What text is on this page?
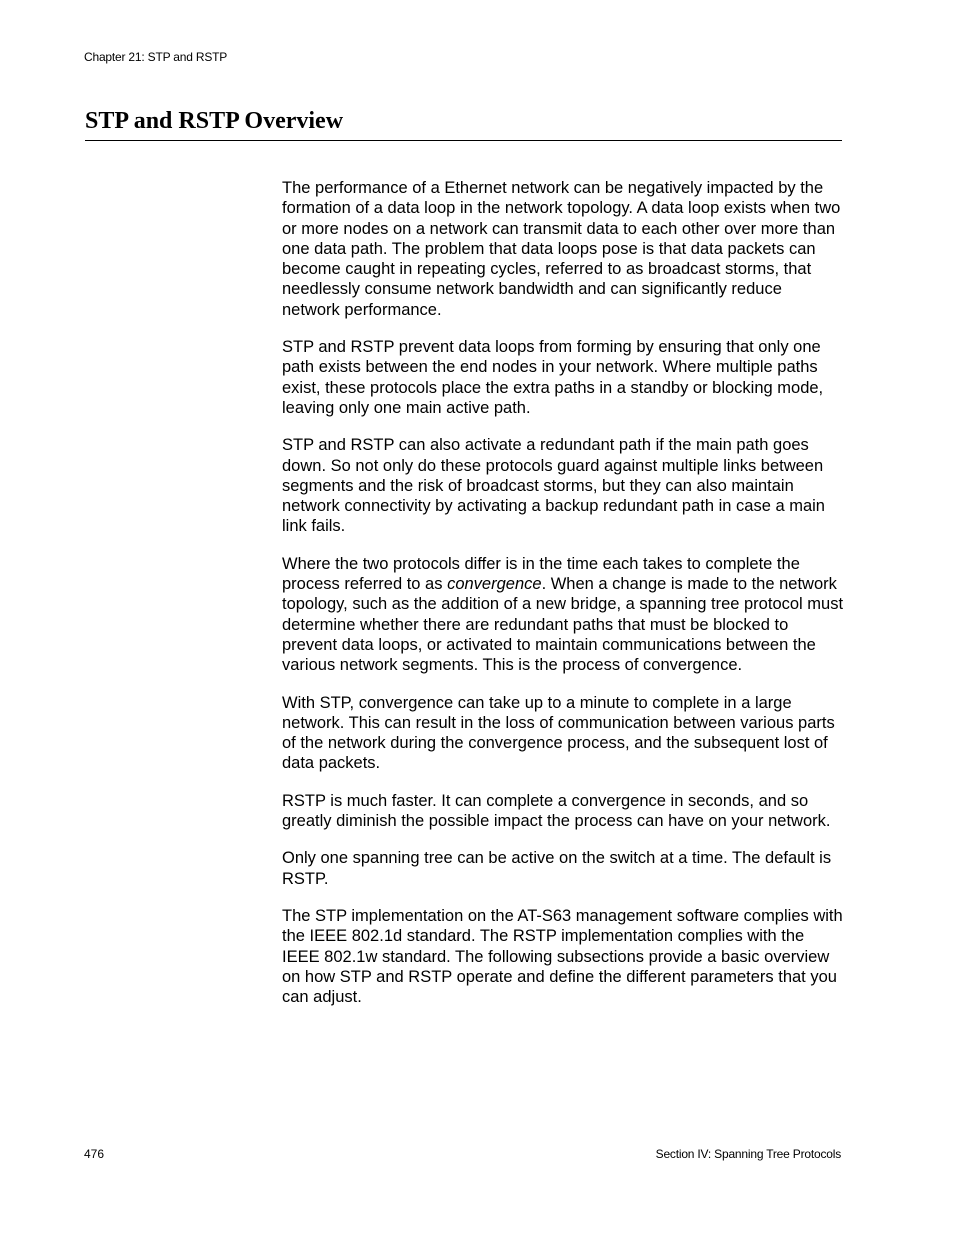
Chapter 21: STP and RSTP
STP and RSTP Overview

The performance of a Ethernet network can be negatively impacted by the formation of a data loop in the network topology. A data loop exists when two or more nodes on a network can transmit data to each other over more than one data path. The problem that data loops pose is that data packets can become caught in repeating cycles, referred to as broadcast storms, that needlessly consume network bandwidth and can significantly reduce network performance.

STP and RSTP prevent data loops from forming by ensuring that only one path exists between the end nodes in your network. Where multiple paths exist, these protocols place the extra paths in a standby or blocking mode, leaving only one main active path.

STP and RSTP can also activate a redundant path if the main path goes down. So not only do these protocols guard against multiple links between segments and the risk of broadcast storms, but they can also maintain network connectivity by activating a backup redundant path in case a main link fails.

Where the two protocols differ is in the time each takes to complete the process referred to as convergence. When a change is made to the network topology, such as the addition of a new bridge, a spanning tree protocol must determine whether there are redundant paths that must be blocked to prevent data loops, or activated to maintain communications between the various network segments. This is the process of convergence.

With STP, convergence can take up to a minute to complete in a large network. This can result in the loss of communication between various parts of the network during the convergence process, and the subsequent lost of data packets.

RSTP is much faster. It can complete a convergence in seconds, and so greatly diminish the possible impact the process can have on your network.

Only one spanning tree can be active on the switch at a time. The default is RSTP.

The STP implementation on the AT-S63 management software complies with the IEEE 802.1d standard. The RSTP implementation complies with the IEEE 802.1w standard. The following subsections provide a basic overview on how STP and RSTP operate and define the different parameters that you can adjust.

476	Section IV: Spanning Tree Protocols
